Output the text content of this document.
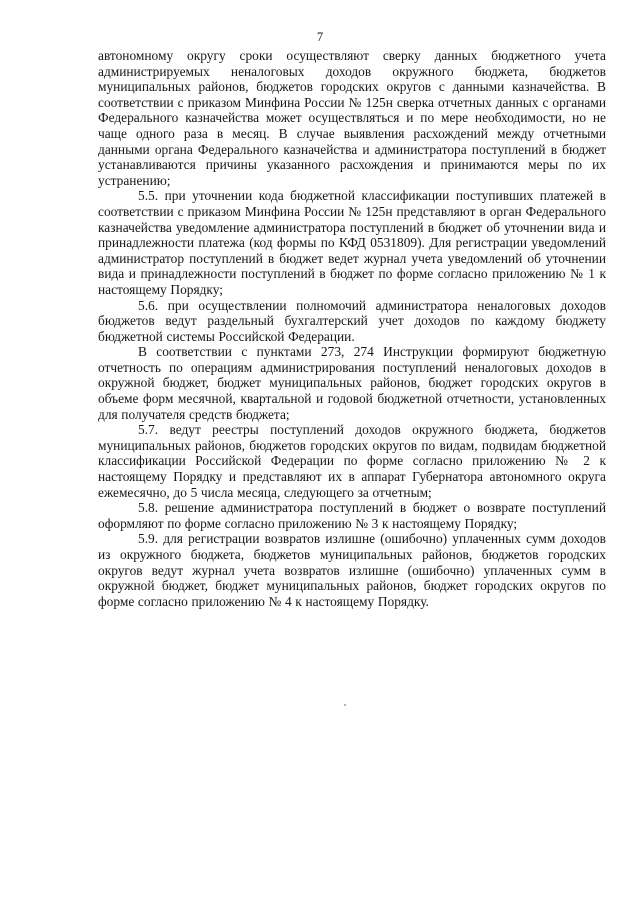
7

автономному округу сроки осуществляют сверку данных бюджетного учета администрируемых неналоговых доходов окружного бюджета, бюджетов муниципальных районов, бюджетов городских округов с данными казначейства. В соответствии с приказом Минфина России № 125н сверка отчетных данных с органами Федерального казначейства может осуществляться и по мере необходимости, но не чаще одного раза в месяц. В случае выявления расхождений между отчетными данными органа Федерального казначейства и администратора поступлений в бюджет устанавливаются причины указанного расхождения и принимаются меры по их устранению;

5.5. при уточнении кода бюджетной классификации поступивших платежей в соответствии с приказом Минфина России № 125н представляют в орган Федерального казначейства уведомление администратора поступлений в бюджет об уточнении вида и принадлежности платежа (код формы по КФД 0531809). Для регистрации уведомлений администратор поступлений в бюджет ведет журнал учета уведомлений об уточнении вида и принадлежности поступлений в бюджет по форме согласно приложению № 1 к настоящему Порядку;

5.6. при осуществлении полномочий администратора неналоговых доходов бюджетов ведут раздельный бухгалтерский учет доходов по каждому бюджету бюджетной системы Российской Федерации.

В соответствии с пунктами 273, 274 Инструкции формируют бюджетную отчетность по операциям администрирования поступлений неналоговых доходов в окружной бюджет, бюджет муниципальных районов, бюджет городских округов в объеме форм месячной, квартальной и годовой бюджетной отчетности, установленных для получателя средств бюджета;

5.7. ведут реестры поступлений доходов окружного бюджета, бюджетов муниципальных районов, бюджетов городских округов по видам, подвидам бюджетной классификации Российской Федерации по форме согласно приложению № 2 к настоящему Порядку и представляют их в аппарат Губернатора автономного округа ежемесячно, до 5 числа месяца, следующего за отчетным;

5.8. решение администратора поступлений в бюджет о возврате поступлений оформляют по форме согласно приложению № 3 к настоящему Порядку;

5.9. для регистрации возвратов излишне (ошибочно) уплаченных сумм доходов из окружного бюджета, бюджетов муниципальных районов, бюджетов городских округов ведут журнал учета возвратов излишне (ошибочно) уплаченных сумм в окружной бюджет, бюджет муниципальных районов, бюджет городских округов по форме согласно приложению № 4 к настоящему Порядку.
